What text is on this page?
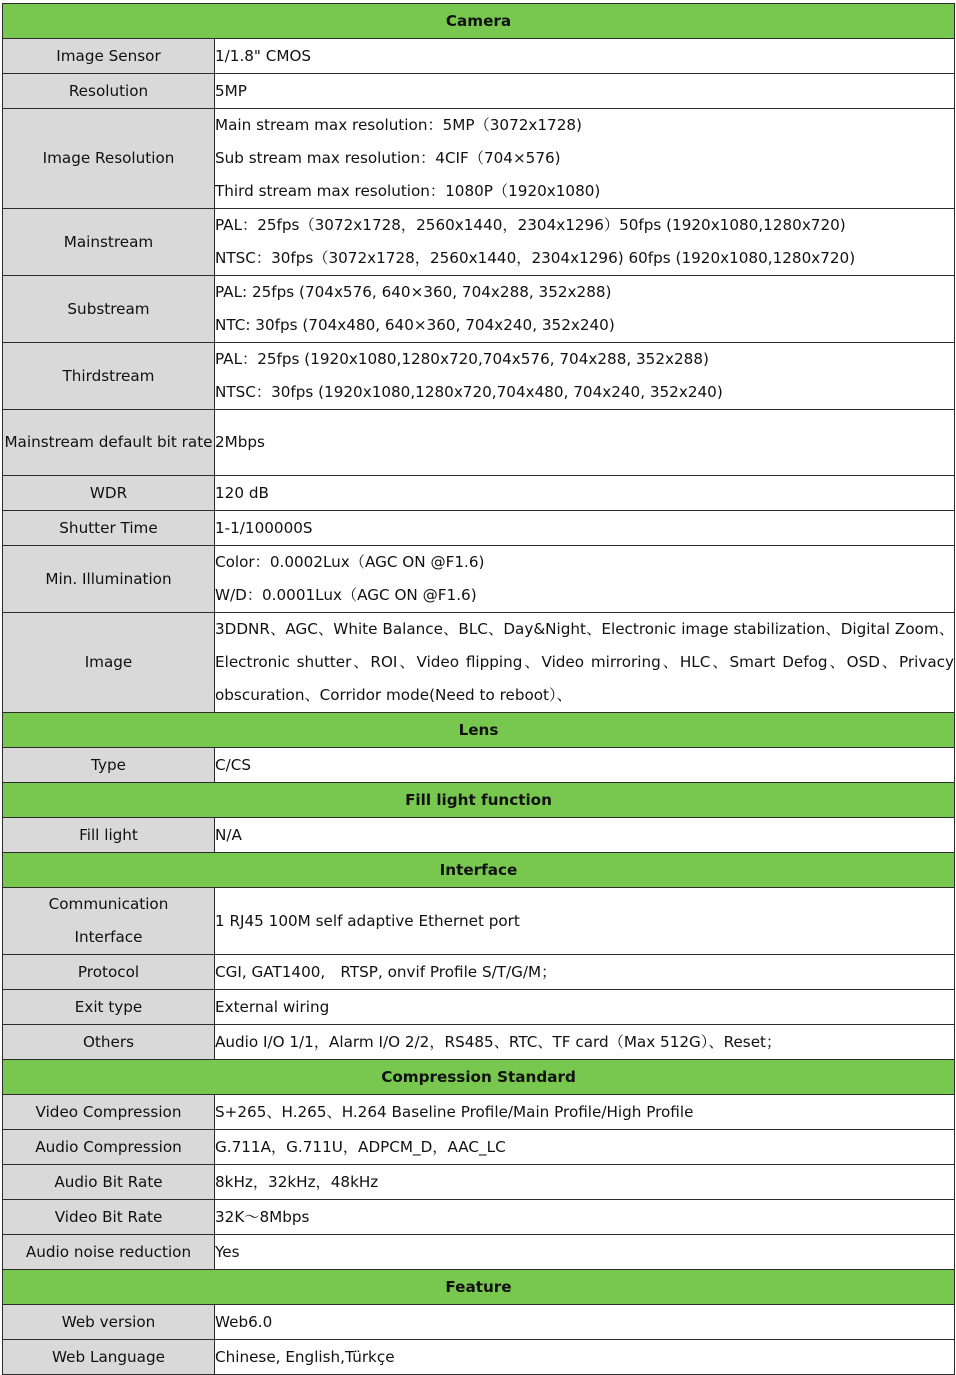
Camera	
Image Sensor	1/1.8" CMOS
Resolution	5MP
Image Resolution	Main stream max resolution：5MP（3072x1728)
Sub stream max resolution：4CIF（704×576)
Third stream max resolution：1080P（1920x1080)

Mainstream	PAL：25fps（3072x1728，2560x1440，2304x1296）50fps (1920x1080,1280x720)
NTSC：30fps（3072x1728，2560x1440，2304x1296) 60fps (1920x1080,1280x720)

Substream	PAL: 25fps (704x576, 640×360, 704x288, 352x288)
NTC: 30fps (704x480, 640×360, 704x240, 352x240)

Thirdstream	PAL：25fps (1920x1080,1280x720,704x576, 704x288, 352x288)
NTSC：30fps (1920x1080,1280x720,704x480, 704x240, 352x240)

Mainstream default bit rate	2Mbps
WDR	120 dB
Shutter Time	1-1/100000S
Min. Illumination	Color：0.0002Lux（AGC ON @F1.6)
W/D：0.0001Lux（AGC ON @F1.6)

Image	3DDNR、AGC、White Balance、BLC、Day&Night、Electronic image stabilization、Digital Zoom、Electronic shutter、ROI、Video flipping、Video mirroring、HLC、Smart Defog、OSD、Privacy obscuration、Corridor mode(Need to reboot）、

Lens	
Type	C/CS
Fill light function	
Fill light	N/A
Interface	
Communication Interface	1 RJ45 100M self adaptive Ethernet port
Protocol	CGI, GAT1400,　RTSP, onvif Profile S/T/G/M；
Exit type	External wiring
Others	Audio I/O 1/1，Alarm I/O 2/2，RS485、RTC、TF card（Max 512G）、Reset；
Compression Standard	
Video Compression	S+265、H.265、H.264 Baseline Profile/Main Profile/High Profile
Audio Compression	G.711A，G.711U，ADPCM_D，AAC_LC
Audio Bit Rate	8kHz，32kHz，48kHz
Video Bit Rate	32K～8Mbps
Audio noise reduction	Yes
Feature	
Web version	Web6.0
Web Language	Chinese, English,Türkçe
